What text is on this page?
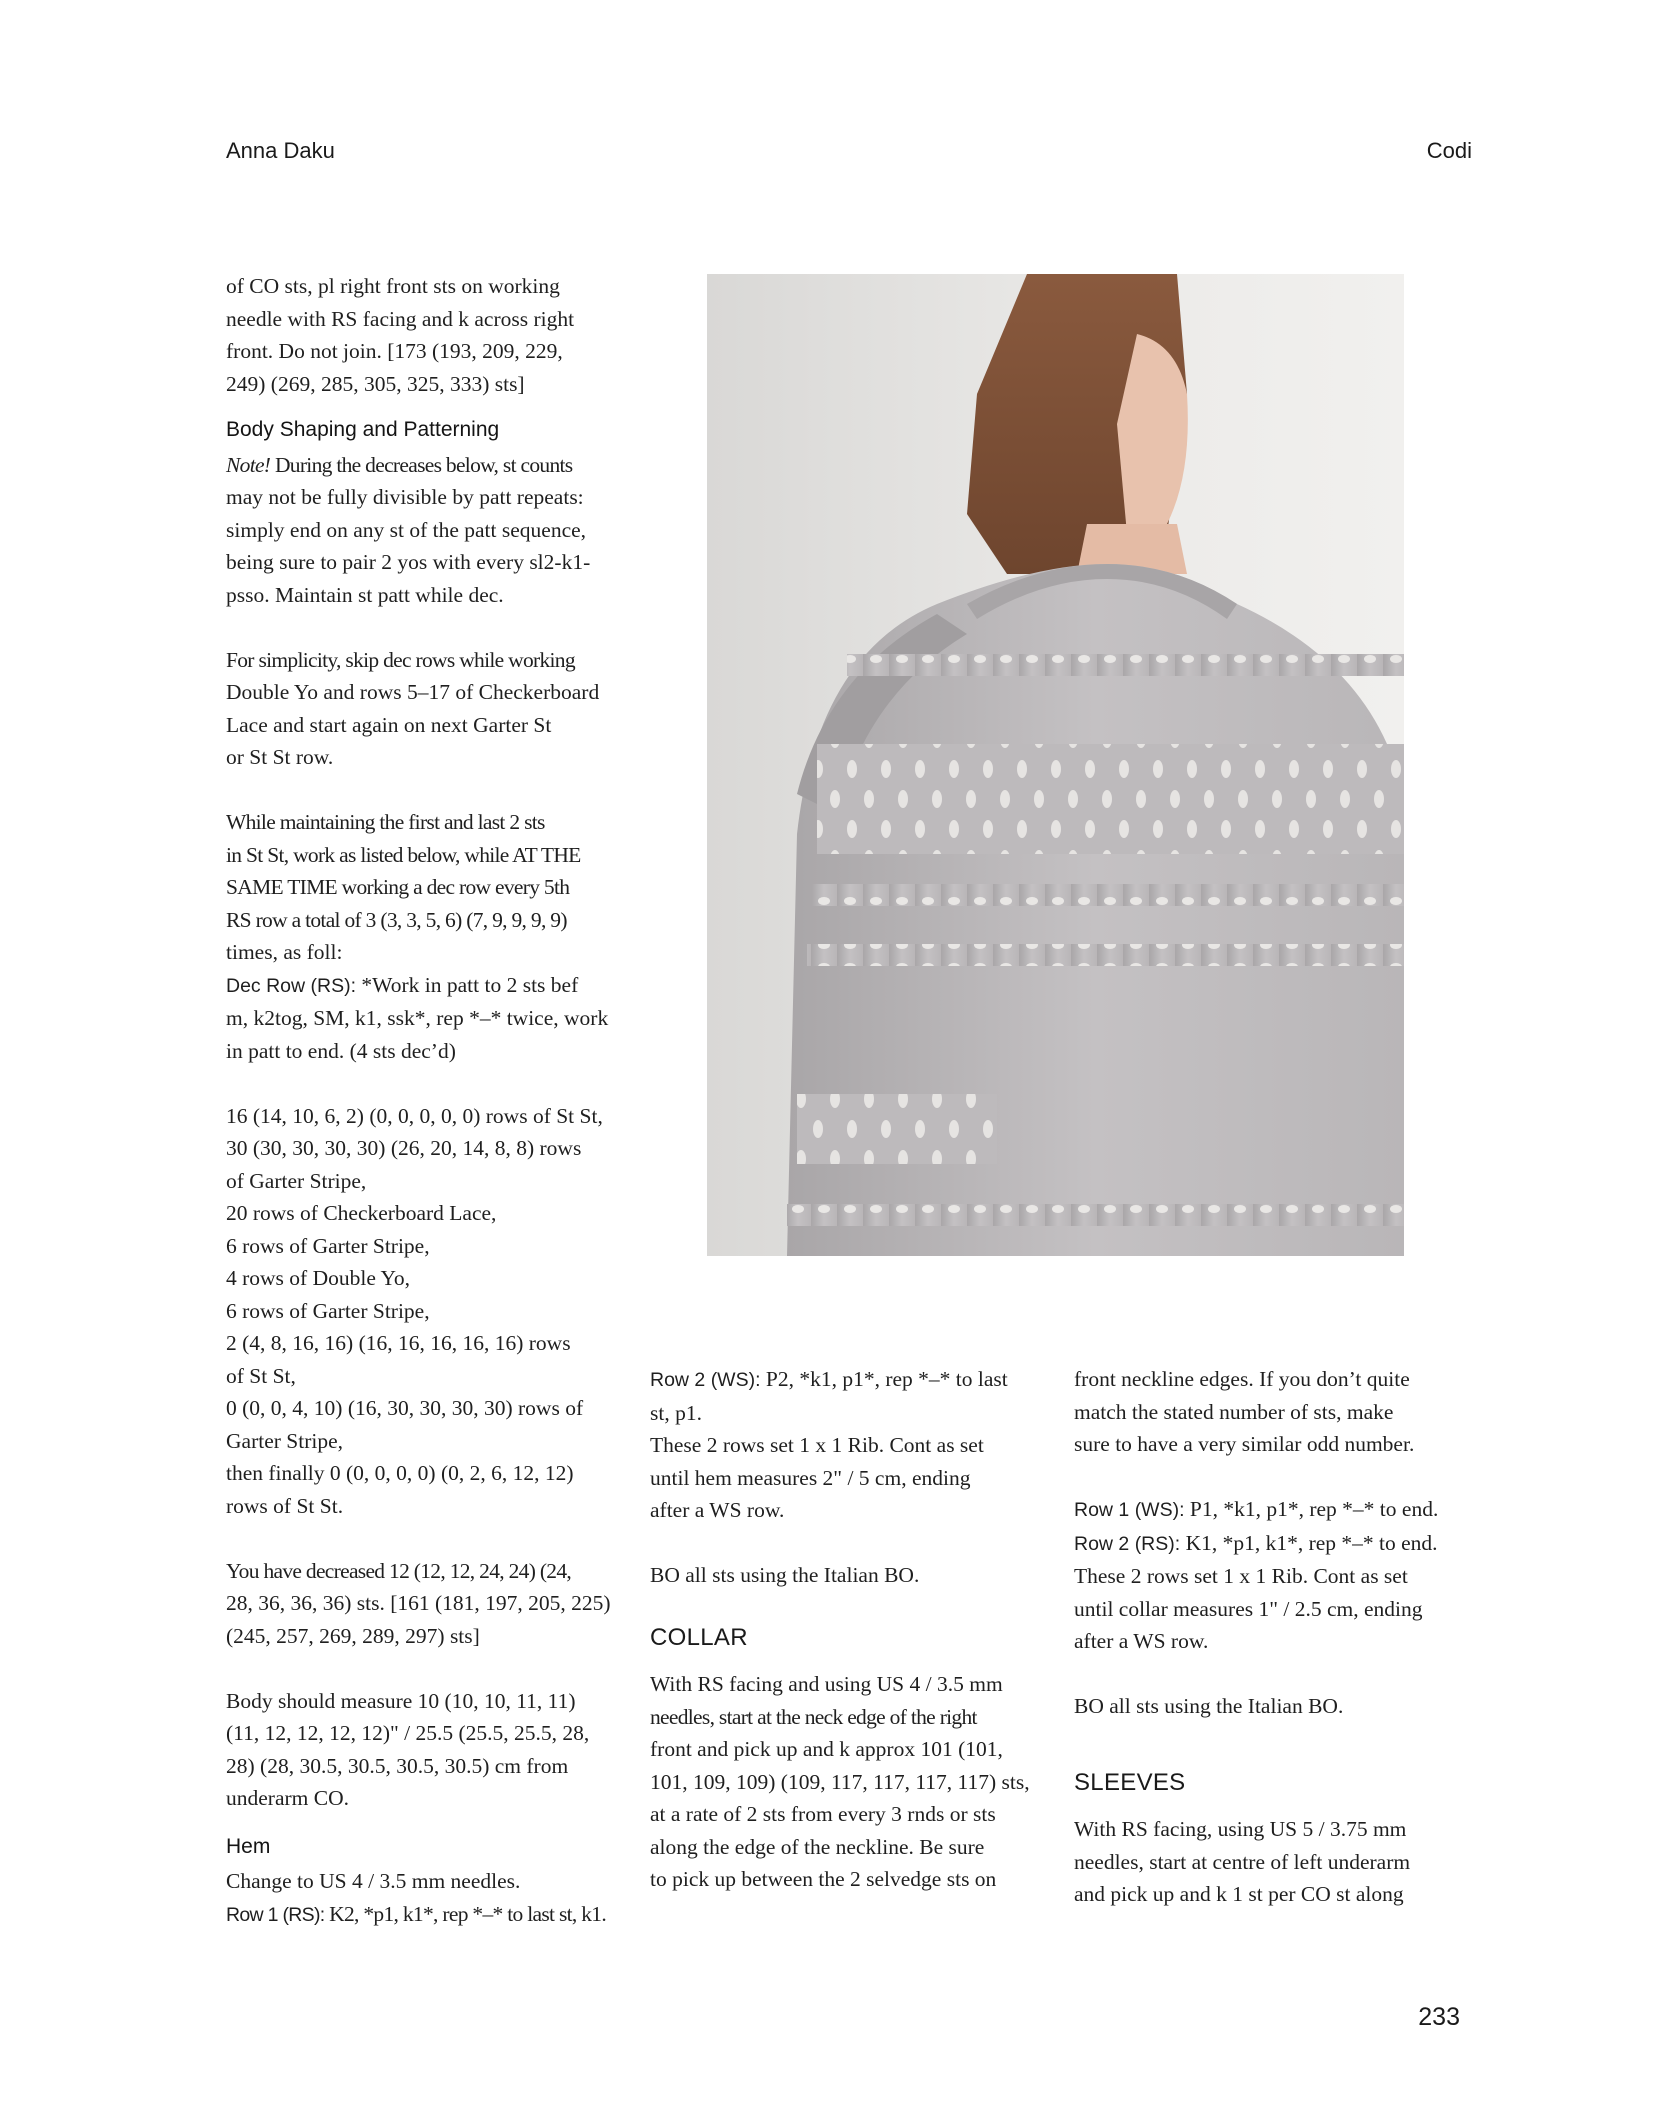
Anna Daku	Codi

of CO sts, pl right front sts on working

needle with RS facing and k across right

front. Do not join. [173 (193, 209, 229,

249) (269, 285, 305, 325, 333) sts]

Body Shaping and Patterning

Note! During the decreases below, st counts

may not be fully divisible by patt repeats:

simply end on any st of the patt sequence,

being sure to pair 2 yos with every sl2-k1-

psso. Maintain st patt while dec.

For simplicity, skip dec rows while working

Double Yo and rows 5–17 of Checkerboard

Lace and start again on next Garter St

or St St row.

While maintaining the first and last 2 sts

in St St, work as listed below, while AT THE

SAME TIME working a dec row every 5th

RS row a total of 3 (3, 3, 5, 6) (7, 9, 9, 9, 9)

times, as foll:

Dec Row (RS): *Work in patt to 2 sts bef

m, k2tog, SM, k1, ssk*, rep *–* twice, work

in patt to end. (4 sts dec’d)

16 (14, 10, 6, 2) (0, 0, 0, 0, 0) rows of St St,

30 (30, 30, 30, 30) (26, 20, 14, 8, 8) rows

of Garter Stripe,

20 rows of Checkerboard Lace,

6 rows of Garter Stripe,

4 rows of Double Yo,

6 rows of Garter Stripe,

2 (4, 8, 16, 16) (16, 16, 16, 16, 16) rows

of St St,

0 (0, 0, 4, 10) (16, 30, 30, 30, 30) rows of

Garter Stripe,

then finally 0 (0, 0, 0, 0) (0, 2, 6, 12, 12)

rows of St St.

You have decreased 12 (12, 12, 24, 24) (24,

28, 36, 36, 36) sts. [161 (181, 197, 205, 225)

(245, 257, 269, 289, 297) sts]

Body should measure 10 (10, 10, 11, 11)

(11, 12, 12, 12, 12)" / 25.5 (25.5, 25.5, 28,

28) (28, 30.5, 30.5, 30.5, 30.5) cm from

underarm CO.

Hem

Change to US 4 / 3.5 mm needles.

Row 1 (RS): K2, *p1, k1*, rep *–* to last st, k1.

Row 2 (WS): P2, *k1, p1*, rep *–* to last

st, p1.

These 2 rows set 1 x 1 Rib. Cont as set

until hem measures 2" / 5 cm, ending

after a WS row.

BO all sts using the Italian BO.

COLLAR

With RS facing and using US 4 / 3.5 mm

needles, start at the neck edge of the right

front and pick up and k approx 101 (101,

101, 109, 109) (109, 117, 117, 117, 117) sts,

at a rate of 2 sts from every 3 rnds or sts

along the edge of the neckline. Be sure

to pick up between the 2 selvedge sts on

front neckline edges. If you don’t quite

match the stated number of sts, make

sure to have a very similar odd number.

Row 1 (WS): P1, *k1, p1*, rep *–* to end.

Row 2 (RS): K1, *p1, k1*, rep *–* to end.

These 2 rows set 1 x 1 Rib. Cont as set

until collar measures 1" / 2.5 cm, ending

after a WS row.

BO all sts using the Italian BO.

SLEEVES

With RS facing, using US 5 / 3.75 mm

needles, start at centre of left underarm

and pick up and k 1 st per CO st along

233
